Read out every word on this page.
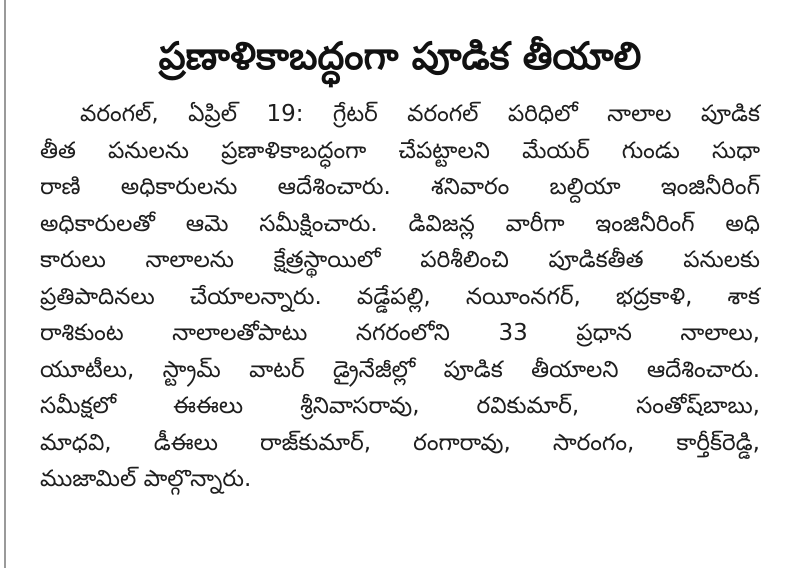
ప్రణాళికాబద్ధంగా పూడిక తీయాలి
వరంగల్, ఏప్రిల్ 19: గ్రేటర్ వరంగల్ పరిధిలో నాలాల పూడిక
తీత పనులను ప్రణాళికాబద్ధంగా చేపట్టాలని మేయర్ గుండు సుధా
రాణి అధికారులను ఆదేశించారు. శనివారం బల్దియా ఇంజినీరింగ్
అధికారులతో ఆమె సమీక్షించారు. డివిజన్ల వారీగా ఇంజినీరింగ్ అధి
కారులు నాలాలను క్షేత్రస్థాయిలో పరిశీలించి పూడికతీత పనులకు
ప్రతిపాదినలు చేయాలన్నారు. వడ్డేపల్లి, నయీంనగర్, భద్రకాళి, శాక
రాశికుంట నాలాలతోపాటు నగరంలోని 33 ప్రధాన నాలాలు,
యూటీలు, స్ట్రామ్ వాటర్ డ్రైనేజీల్లో పూడిక తీయాలని ఆదేశించారు.
సమీక్షలో ఈఈలు శ్రీనివాసరావు, రవికుమార్, సంతోష్‌బాబు,
మాధవి, డీఈలు రాజ్‌కుమార్, రంగారావు, సారంగం, కార్తీక్‌రెడ్డి,
ముజామిల్ పాల్గొన్నారు.
